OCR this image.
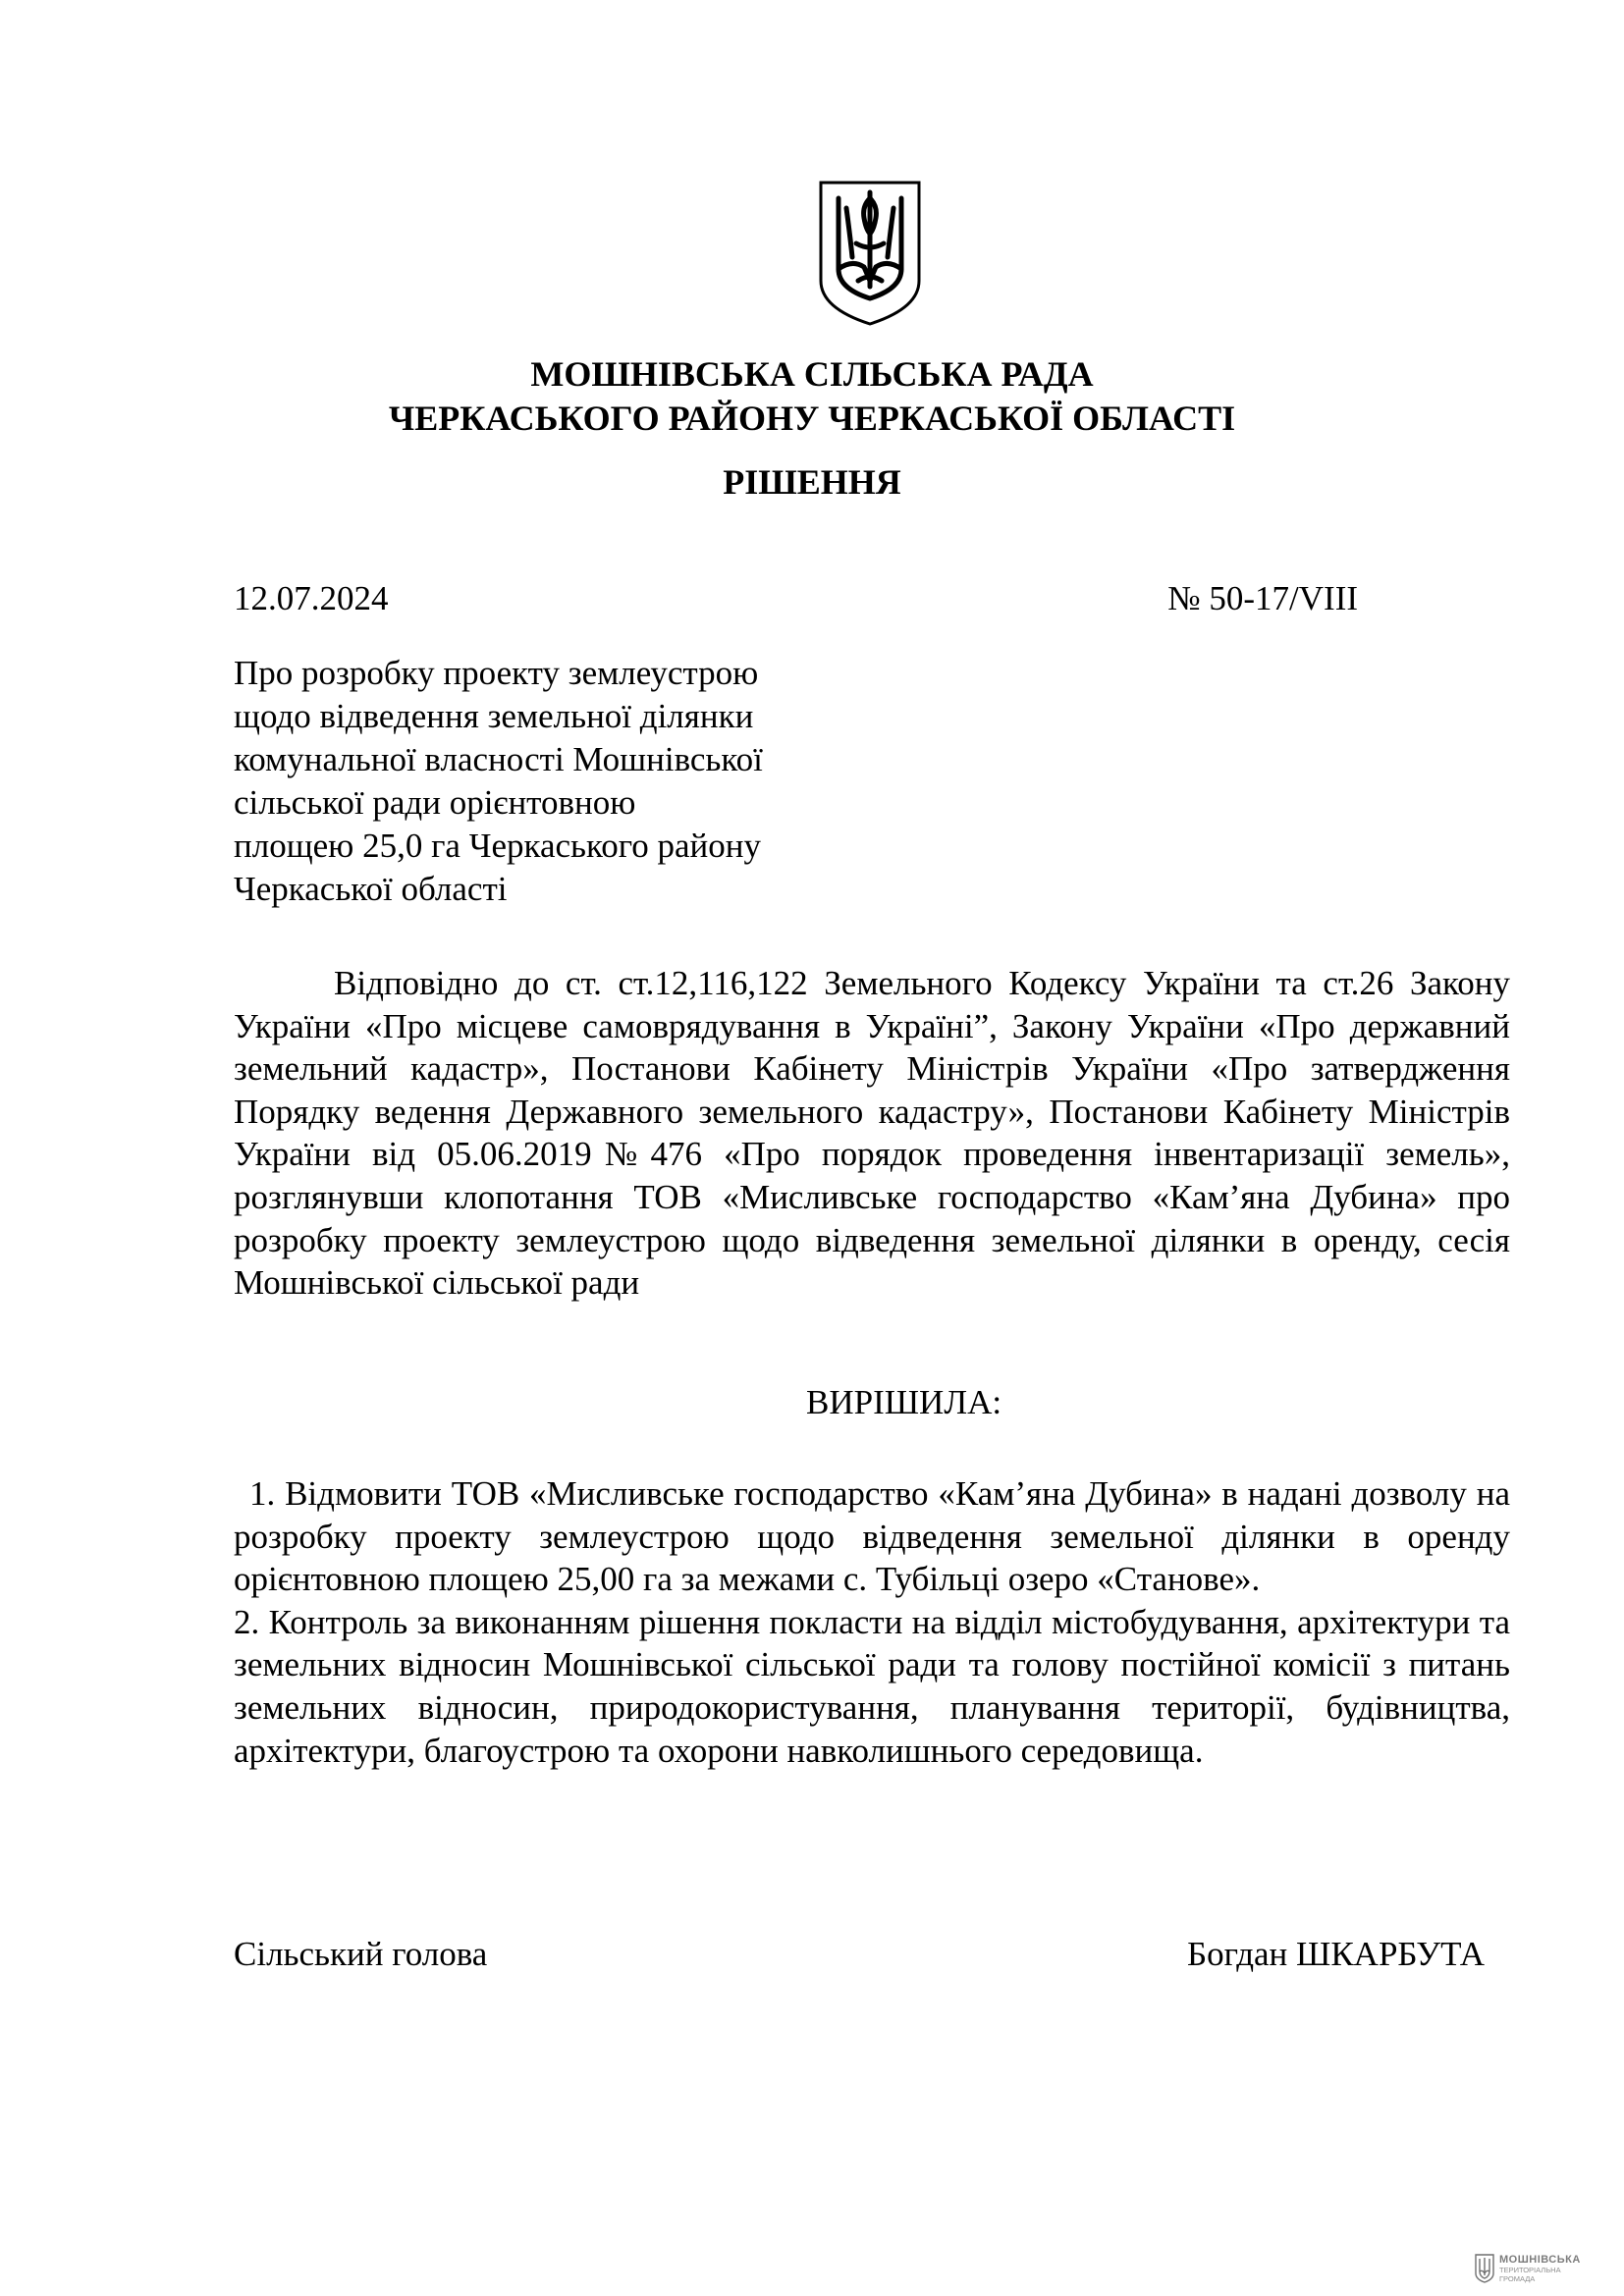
МОШНІВСЬКА СІЛЬСЬКА РАДА
ЧЕРКАСЬКОГО РАЙОНУ ЧЕРКАСЬКОЇ ОБЛАСТІ
РІШЕННЯ
12.07.2024	№ 50-17/VIII
Про розробку проекту землеустрою
щодо відведення земельної ділянки
комунальної власності Мошнівської
сільської ради орієнтовною
площею 25,0 га Черкаського району
Черкаської області

Відповідно до ст. ст.12,116,122 Земельного Кодексу України та ст.26 Закону України «Про місцеве самоврядування в Україні”, Закону України «Про державний земельний кадастр», Постанови Кабінету Міністрів України «Про затвердження Порядку ведення Державного земельного кадастру», Постанови Кабінету Міністрів України від 05.06.2019№476 «Про порядок проведення інвентаризації земель», розглянувши клопотання ТОВ «Мисливське господарство «Кам’яна Дубина» про розробку проекту землеустрою щодо відведення земельної ділянки в оренду, сесія Мошнівської сільської ради

ВИРІШИЛА:

1. Відмовити ТОВ «Мисливське господарство «Кам’яна Дубина» в надані дозволу на розробку проекту землеустрою щодо відведення земельної ділянки в оренду орієнтовною площею 25,00 га за межами с. Тубільці озеро «Станове».

2. Контроль за виконанням рішення покласти на відділ містобудування, архітектури та земельних відносин Мошнівської сільської ради та голову постійної комісії з питань земельних відносин, природокористування, планування території, будівництва, архітектури, благоустрою та охорони навколишнього середовища.

Сільський голова	Богдан ШКАРБУТА
МОШНІВСЬКА
ТЕРИТОРІАЛЬНА
ГРОМАДА
